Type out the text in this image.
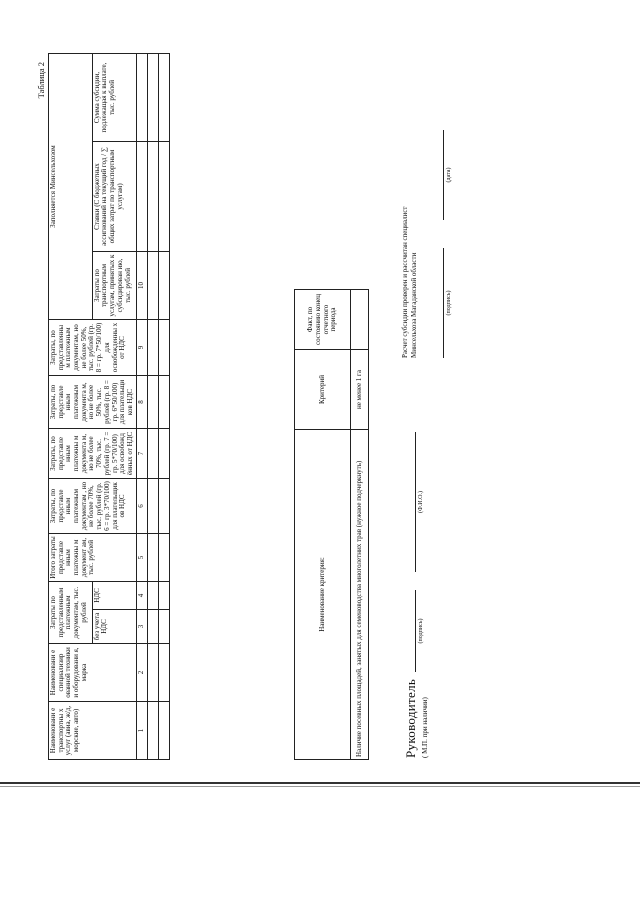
Таблица 2
Наименовани е транспортны х услуг (авиа, ж/д, морские, авто)	Наименовани е специализир ованной техники и оборудовани я, марка	Затраты по представленным платежным документам, тыс. рублей		Итого затраты представле нным платежны м документ ам, тыс. рублей	Затраты, по представле нным платежным документам , но не более 70%, тыс. рублей (гр. 6 = гр. 3*70/100) для плательщик ов НДС	Затраты, по представле нным платежны м документа м, но не более 70%, тыс. рублей (гр. 7 = гр. 5*70/100) для освобожд ённых от НДС	Затраты, по представле нным платежным документа м, но не более 50%, тыс. рублей (гр. 8 = гр. 6*50/100) для плательщи ков НДС	Затраты, по представленны м платежным документам, но не более 50%, тыс. рублей (гр. 8 = гр. 7*50/100) для освобожденны х от НДС	Заполняется Минсельхозом		
		без учета НДС	НДС						Затраты по транспортным услугам, принятых к субсидирован ию, тыс. рублей	Ставки (С бюджетных ассигнований на текущий год / ∑ общих затрат по транспортным услугам)	Сумма субсидии, подлежащая к выплате, тыс. рублей
1	2	3	4	5	6	7	8	9	10		

Наименование критерия:	Критерий	Факт, по состоянию конец отчетного периода
Наличие посевных площадей, занятых для семеноводства многолетних трав (нужное подчеркнуть)	не менее 1 га	
Руководитель ( М.П. при наличии)
(подпись)
(Ф.И.О.)
Расчет субсидии проверен и рассчитан специалист Минсельхоза Магаданской области	(подпись)
(дата)
